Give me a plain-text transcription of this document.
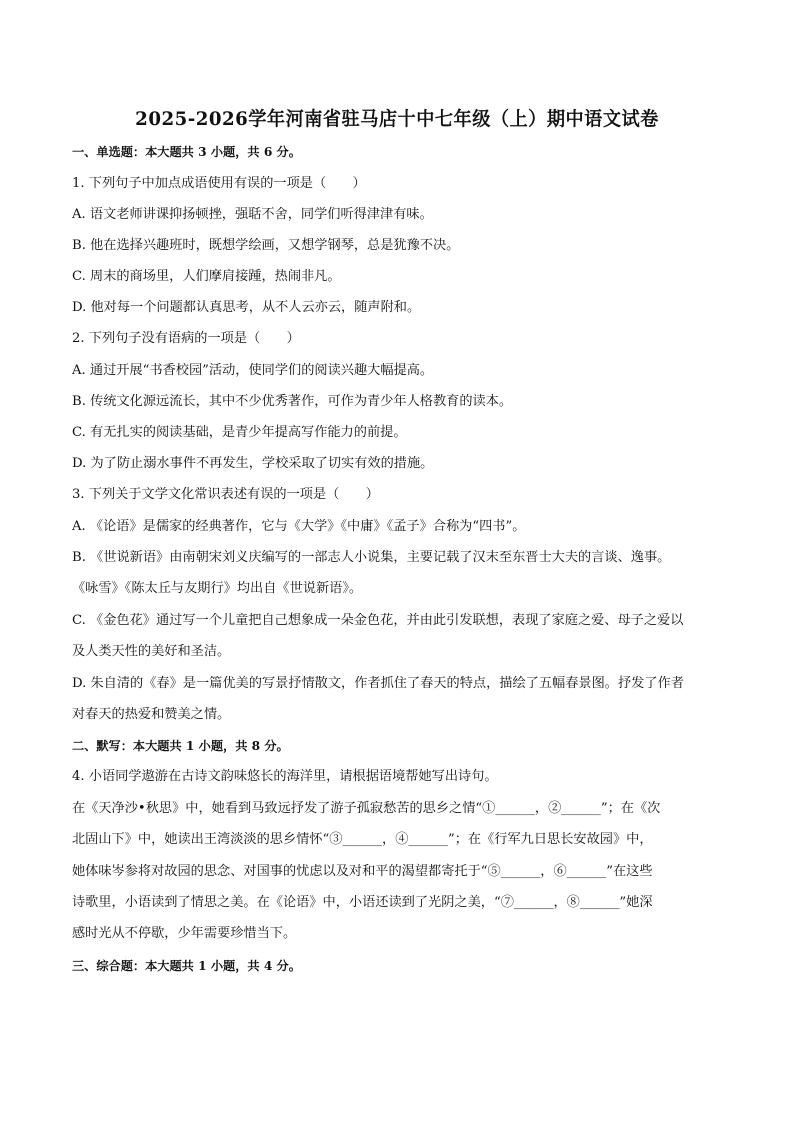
2025-2026学年河南省驻马店十中七年级（上）期中语文试卷
一、单选题：本大题共 3 小题，共 6 分。
1. 下列句子中加点成语使用有误的一项是（　　）
A. 语文老师讲课抑扬顿挫，强聒不舍，同学们听得津津有味。
B. 他在选择兴趣班时，既想学绘画，又想学钢琴，总是犹豫不决。
C. 周末的商场里，人们摩肩接踵，热闹非凡。
D. 他对每一个问题都认真思考，从不人云亦云，随声附和。
2. 下列句子没有语病的一项是（　　）
A. 通过开展“书香校园”活动，使同学们的阅读兴趣大幅提高。
B. 传统文化源远流长，其中不少优秀著作，可作为青少年人格教育的读本。
C. 有无扎实的阅读基础，是青少年提高写作能力的前提。
D. 为了防止溺水事件不再发生，学校采取了切实有效的措施。
3. 下列关于文学文化常识表述有误的一项是（　　）
A. 《论语》是儒家的经典著作，它与《大学》《中庸》《孟子》合称为“四书”。
B. 《世说新语》由南朝宋刘义庆编写的一部志人小说集，主要记载了汉末至东晋士大夫的言谈、逸事。
《咏雪》《陈太丘与友期行》均出自《世说新语》。
C. 《金色花》通过写一个儿童把自己想象成一朵金色花，并由此引发联想，表现了家庭之爱、母子之爱以
及人类天性的美好和圣洁。
D. 朱自清的《春》是一篇优美的写景抒情散文，作者抓住了春天的特点，描绘了五幅春景图。抒发了作者
对春天的热爱和赞美之情。
二、默写：本大题共 1 小题，共 8 分。
4. 小语同学遨游在古诗文韵味悠长的海洋里，请根据语境帮她写出诗句。
在《天净沙•秋思》中，她看到马致远抒发了游子孤寂愁苦的思乡之情“①______，②______”；在《次
北固山下》中，她读出王湾淡淡的思乡情怀“③______，④______”；在《行军九日思长安故园》中，
她体味岑参将对故园的思念、对国事的忧虑以及对和平的渴望都寄托于“⑤______，⑥______”在这些
诗歌里，小语读到了情思之美。在《论语》中，小语还读到了光阴之美，“⑦______，⑧______”她深
感时光从不停歇，少年需要珍惜当下。
三、综合题：本大题共 1 小题，共 4 分。
